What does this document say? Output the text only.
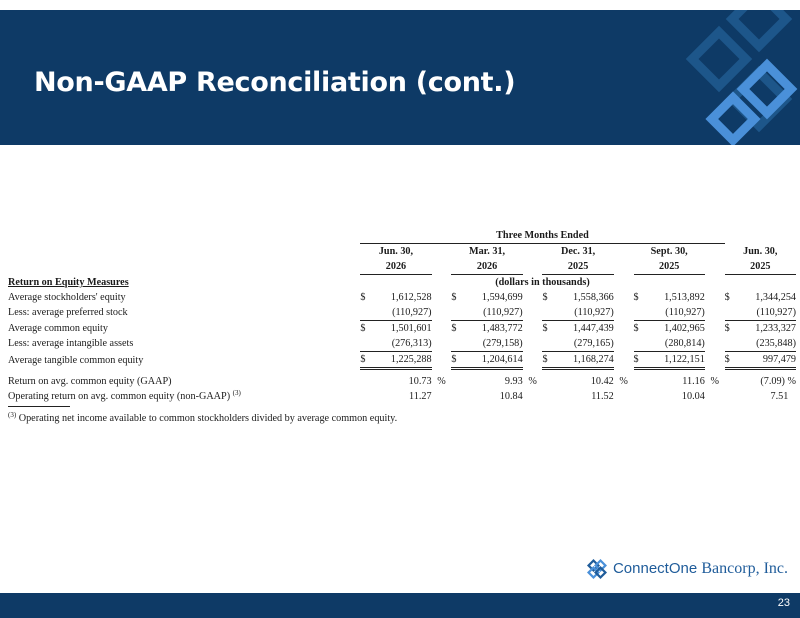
Non-GAAP Reconciliation (cont.)
	Three Months Ended													
	Jun. 30,			Mar. 31,			Dec. 31,			Sept. 30,			Jun. 30,	
	2026			2026			2025			2025			2025	
Return on Equity Measures	(dollars in thousands)													
Average stockholders' equity	$	1,612,528			$	1,594,699			$	1,558,366			$	1,513,892			$	1,344,254
Less: average preferred stock		(110,927)				(110,927)				(110,927)				(110,927)				(110,927)
Average common equity	$	1,501,601			$	1,483,772			$	1,447,439			$	1,402,965			$	1,233,327
Less: average intangible assets		(276,313)				(279,158)				(279,165)				(280,814)				(235,848)
Average tangible common equity	$	1,225,288			$	1,204,614			$	1,168,274			$	1,122,151			$	997,479

Return on avg. common equity (GAAP)		10.73	%			9.93	%			10.42	%			11.16	%			(7.09) %
Operating return on avg. common equity (non-GAAP) $^{(3)}$		11.27				10.84				11.52				10.04				7.51
$^{(3)}$ Operating net income available to common stockholders divided by average common equity.
ConnectOne Bancorp, Inc.
23
